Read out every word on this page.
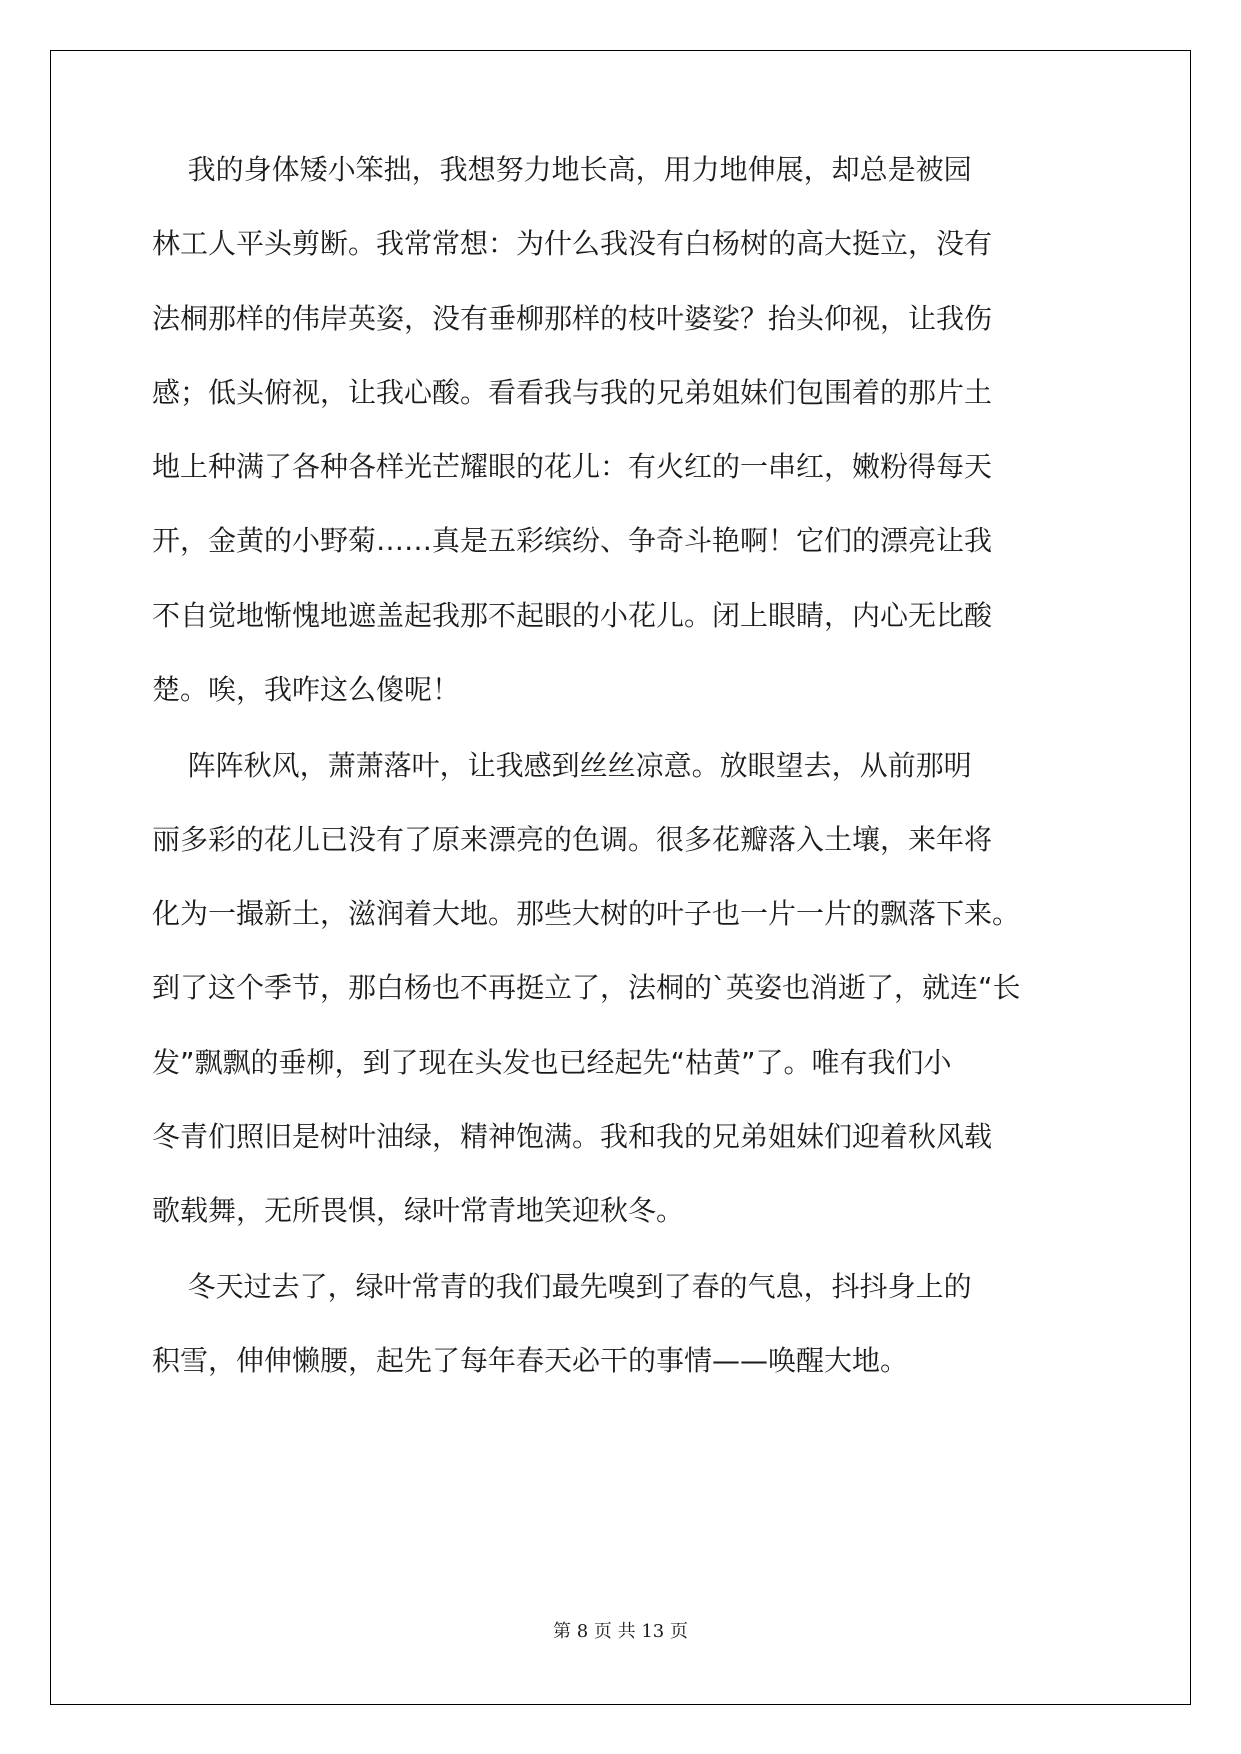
我的身体矮小笨拙，我想努力地长高，用力地伸展，却总是被园
林工人平头剪断。我常常想：为什么我没有白杨树的高大挺立，没有
法桐那样的伟岸英姿，没有垂柳那样的枝叶婆娑？抬头仰视，让我伤
感；低头俯视，让我心酸。看看我与我的兄弟姐妹们包围着的那片土
地上种满了各种各样光芒耀眼的花儿：有火红的一串红，嫩粉得每天
开，金黄的小野菊……真是五彩缤纷、争奇斗艳啊！它们的漂亮让我
不自觉地惭愧地遮盖起我那不起眼的小花儿。闭上眼睛，内心无比酸
楚。唉，我咋这么傻呢！
阵阵秋风，萧萧落叶，让我感到丝丝凉意。放眼望去，从前那明
丽多彩的花儿已没有了原来漂亮的色调。很多花瓣落入土壤，来年将
化为一撮新土，滋润着大地。那些大树的叶子也一片一片的飘落下来。
到了这个季节，那白杨也不再挺立了，法桐的`英姿也消逝了，就连“长
发”飘飘的垂柳，到了现在头发也已经起先“枯黄”了。唯有我们小
冬青们照旧是树叶油绿，精神饱满。我和我的兄弟姐妹们迎着秋风载
歌载舞，无所畏惧，绿叶常青地笑迎秋冬。
冬天过去了，绿叶常青的我们最先嗅到了春的气息，抖抖身上的
积雪，伸伸懒腰，起先了每年春天必干的事情——唤醒大地。
第 8 页 共 13 页
